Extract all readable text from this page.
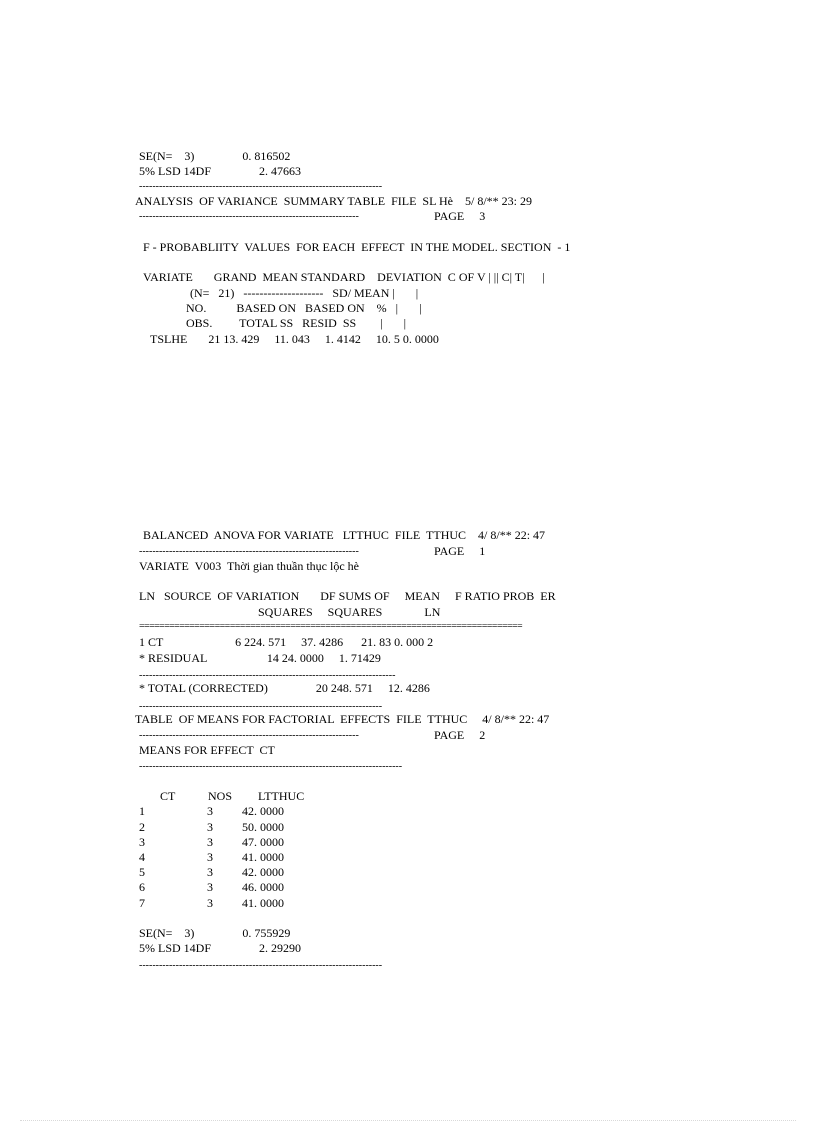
SE(N=    3)                0. 816502
5% LSD 14DF                2. 47663
-------------------------------------------------------------------------
ANALYSIS  OF VARIANCE  SUMMARY TABLE  FILE  SL Hè    5/ 8/** 23: 29
------------------------------------------------------------------	PAGE     3
F - PROBABLIITY  VALUES  FOR EACH  EFFECT  IN THE MODEL. SECTION  - 1
VARIATE       GRAND  MEAN STANDARD    DEVIATION  C OF V | || C| T|      |
(N=   21)   --------------------   SD/ MEAN |       |
NO.          BASED ON   BASED ON    %   |       |
OBS.         TOTAL SS   RESID  SS        |       |
TSLHE       21 13. 429     11. 043     1. 4142     10. 5 0. 0000
BALANCED  ANOVA FOR VARIATE   LTTHUC  FILE  TTHUC    4/ 8/** 22: 47
------------------------------------------------------------------	PAGE     1
VARIATE  V003  Thời gian thuần thục lộc hè
LN   SOURCE  OF VARIATION       DF SUMS OF     MEAN     F RATIO PROB  ER
SQUARES     SQUARES              LN
============================================================================
1 CT                        6 224. 571     37. 4286      21. 83 0. 000 2
* RESIDUAL                    14 24. 0000     1. 71429
-----------------------------------------------------------------------------
* TOTAL (CORRECTED)                20 248. 571     12. 4286
-------------------------------------------------------------------------
TABLE  OF MEANS FOR FACTORIAL  EFFECTS  FILE  TTHUC     4/ 8/** 22: 47
------------------------------------------------------------------	PAGE     2
MEANS FOR EFFECT  CT
-------------------------------------------------------------------------------
CT	NOS LTTHUC
1	3 42. 0000
2	3 50. 0000
3	3 47. 0000
4	3 41. 0000
5	3 42. 0000
6	3 46. 0000
7	3 41. 0000
SE(N=    3)                0. 755929
5% LSD 14DF                2. 29290
-------------------------------------------------------------------------
